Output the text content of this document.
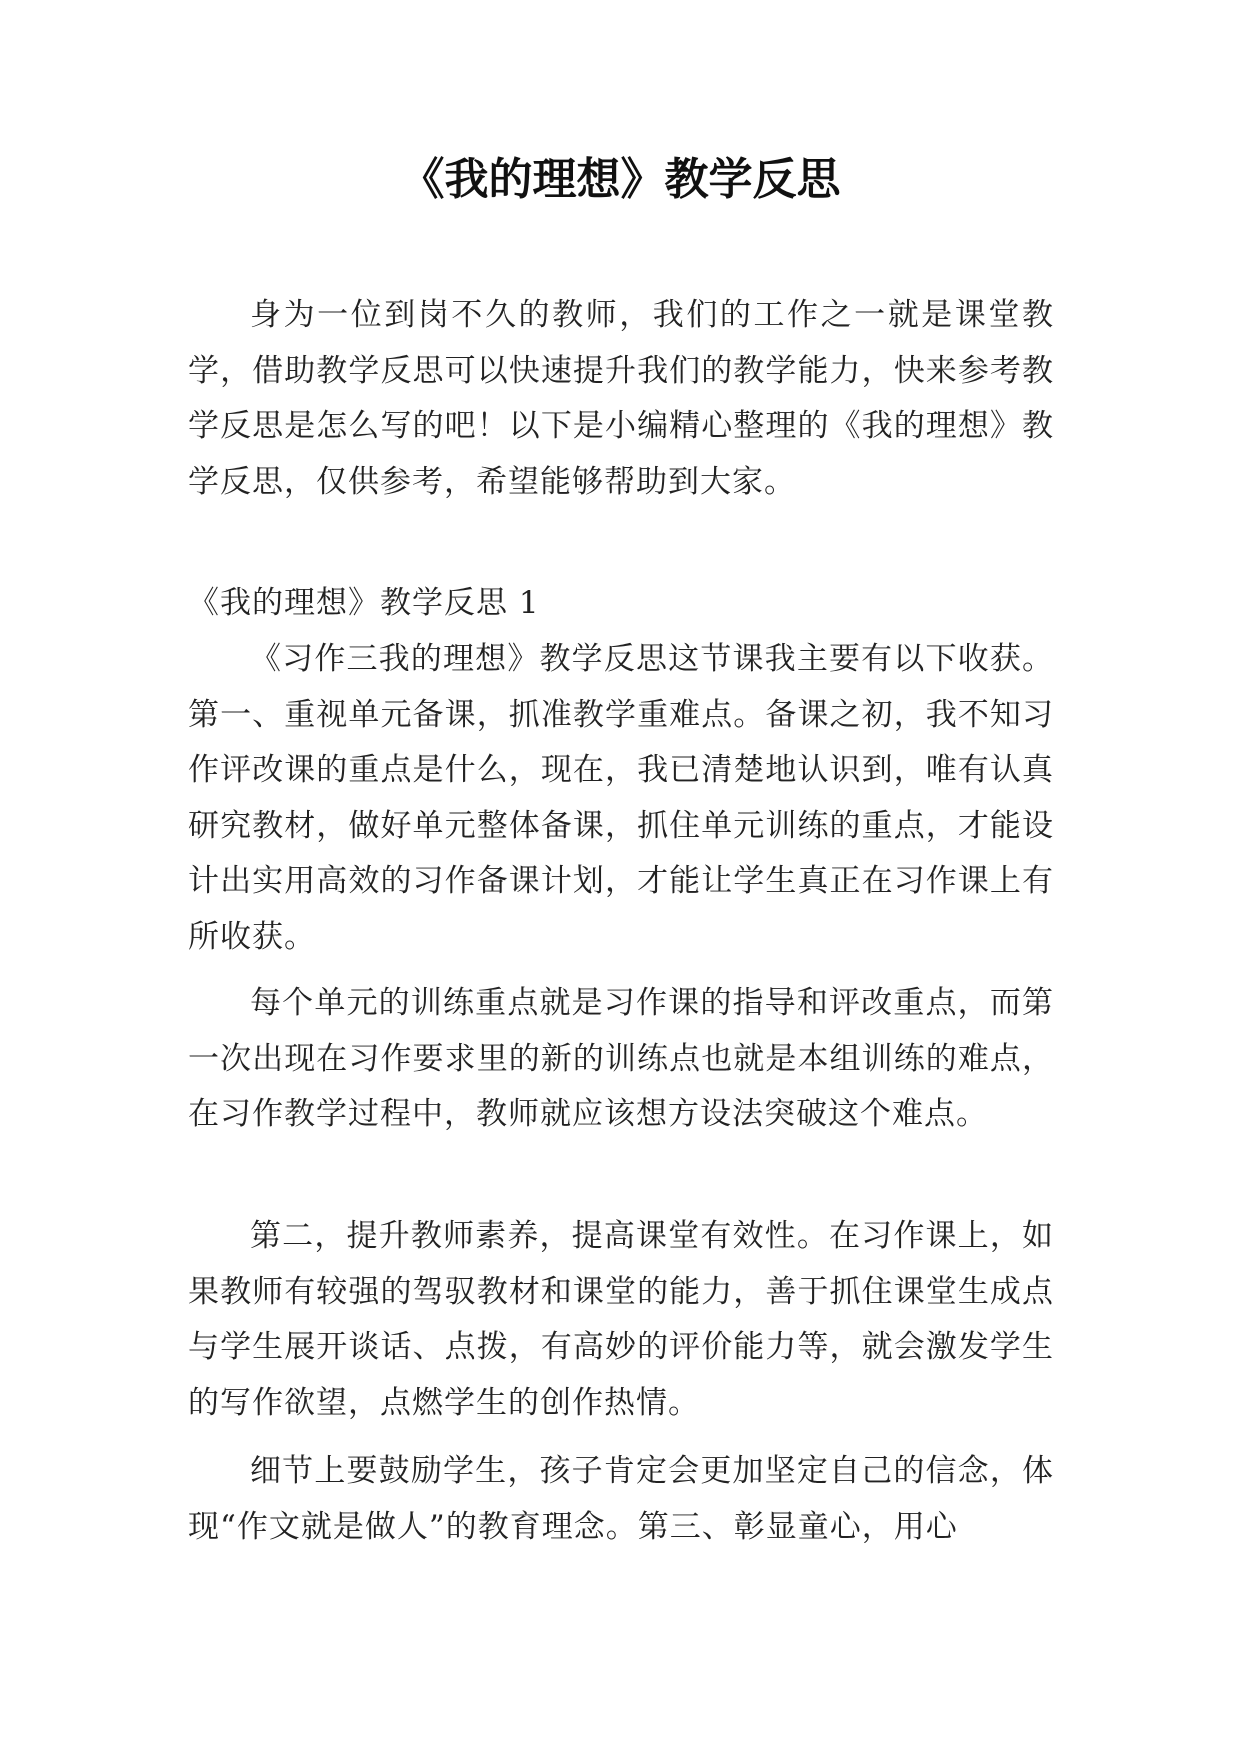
《我的理想》教学反思

身为一位到岗不久的教师，我们的工作之一就是课堂教学，借助教学反思可以快速提升我们的教学能力，快来参考教学反思是怎么写的吧！以下是小编精心整理的《我的理想》教学反思，仅供参考，希望能够帮助到大家。

《我的理想》教学反思 1

《习作三我的理想》教学反思这节课我主要有以下收获。第一、重视单元备课，抓准教学重难点。备课之初，我不知习作评改课的重点是什么，现在，我已清楚地认识到，唯有认真研究教材，做好单元整体备课，抓住单元训练的重点，才能设计出实用高效的习作备课计划，才能让学生真正在习作课上有所收获。

每个单元的训练重点就是习作课的指导和评改重点，而第一次出现在习作要求里的新的训练点也就是本组训练的难点，在习作教学过程中，教师就应该想方设法突破这个难点。

第二，提升教师素养，提高课堂有效性。在习作课上，如果教师有较强的驾驭教材和课堂的能力，善于抓住课堂生成点与学生展开谈话、点拨，有高妙的评价能力等，就会激发学生的写作欲望，点燃学生的创作热情。

细节上要鼓励学生，孩子肯定会更加坚定自己的信念，体现“作文就是做人”的教育理念。第三、彰显童心，用心
